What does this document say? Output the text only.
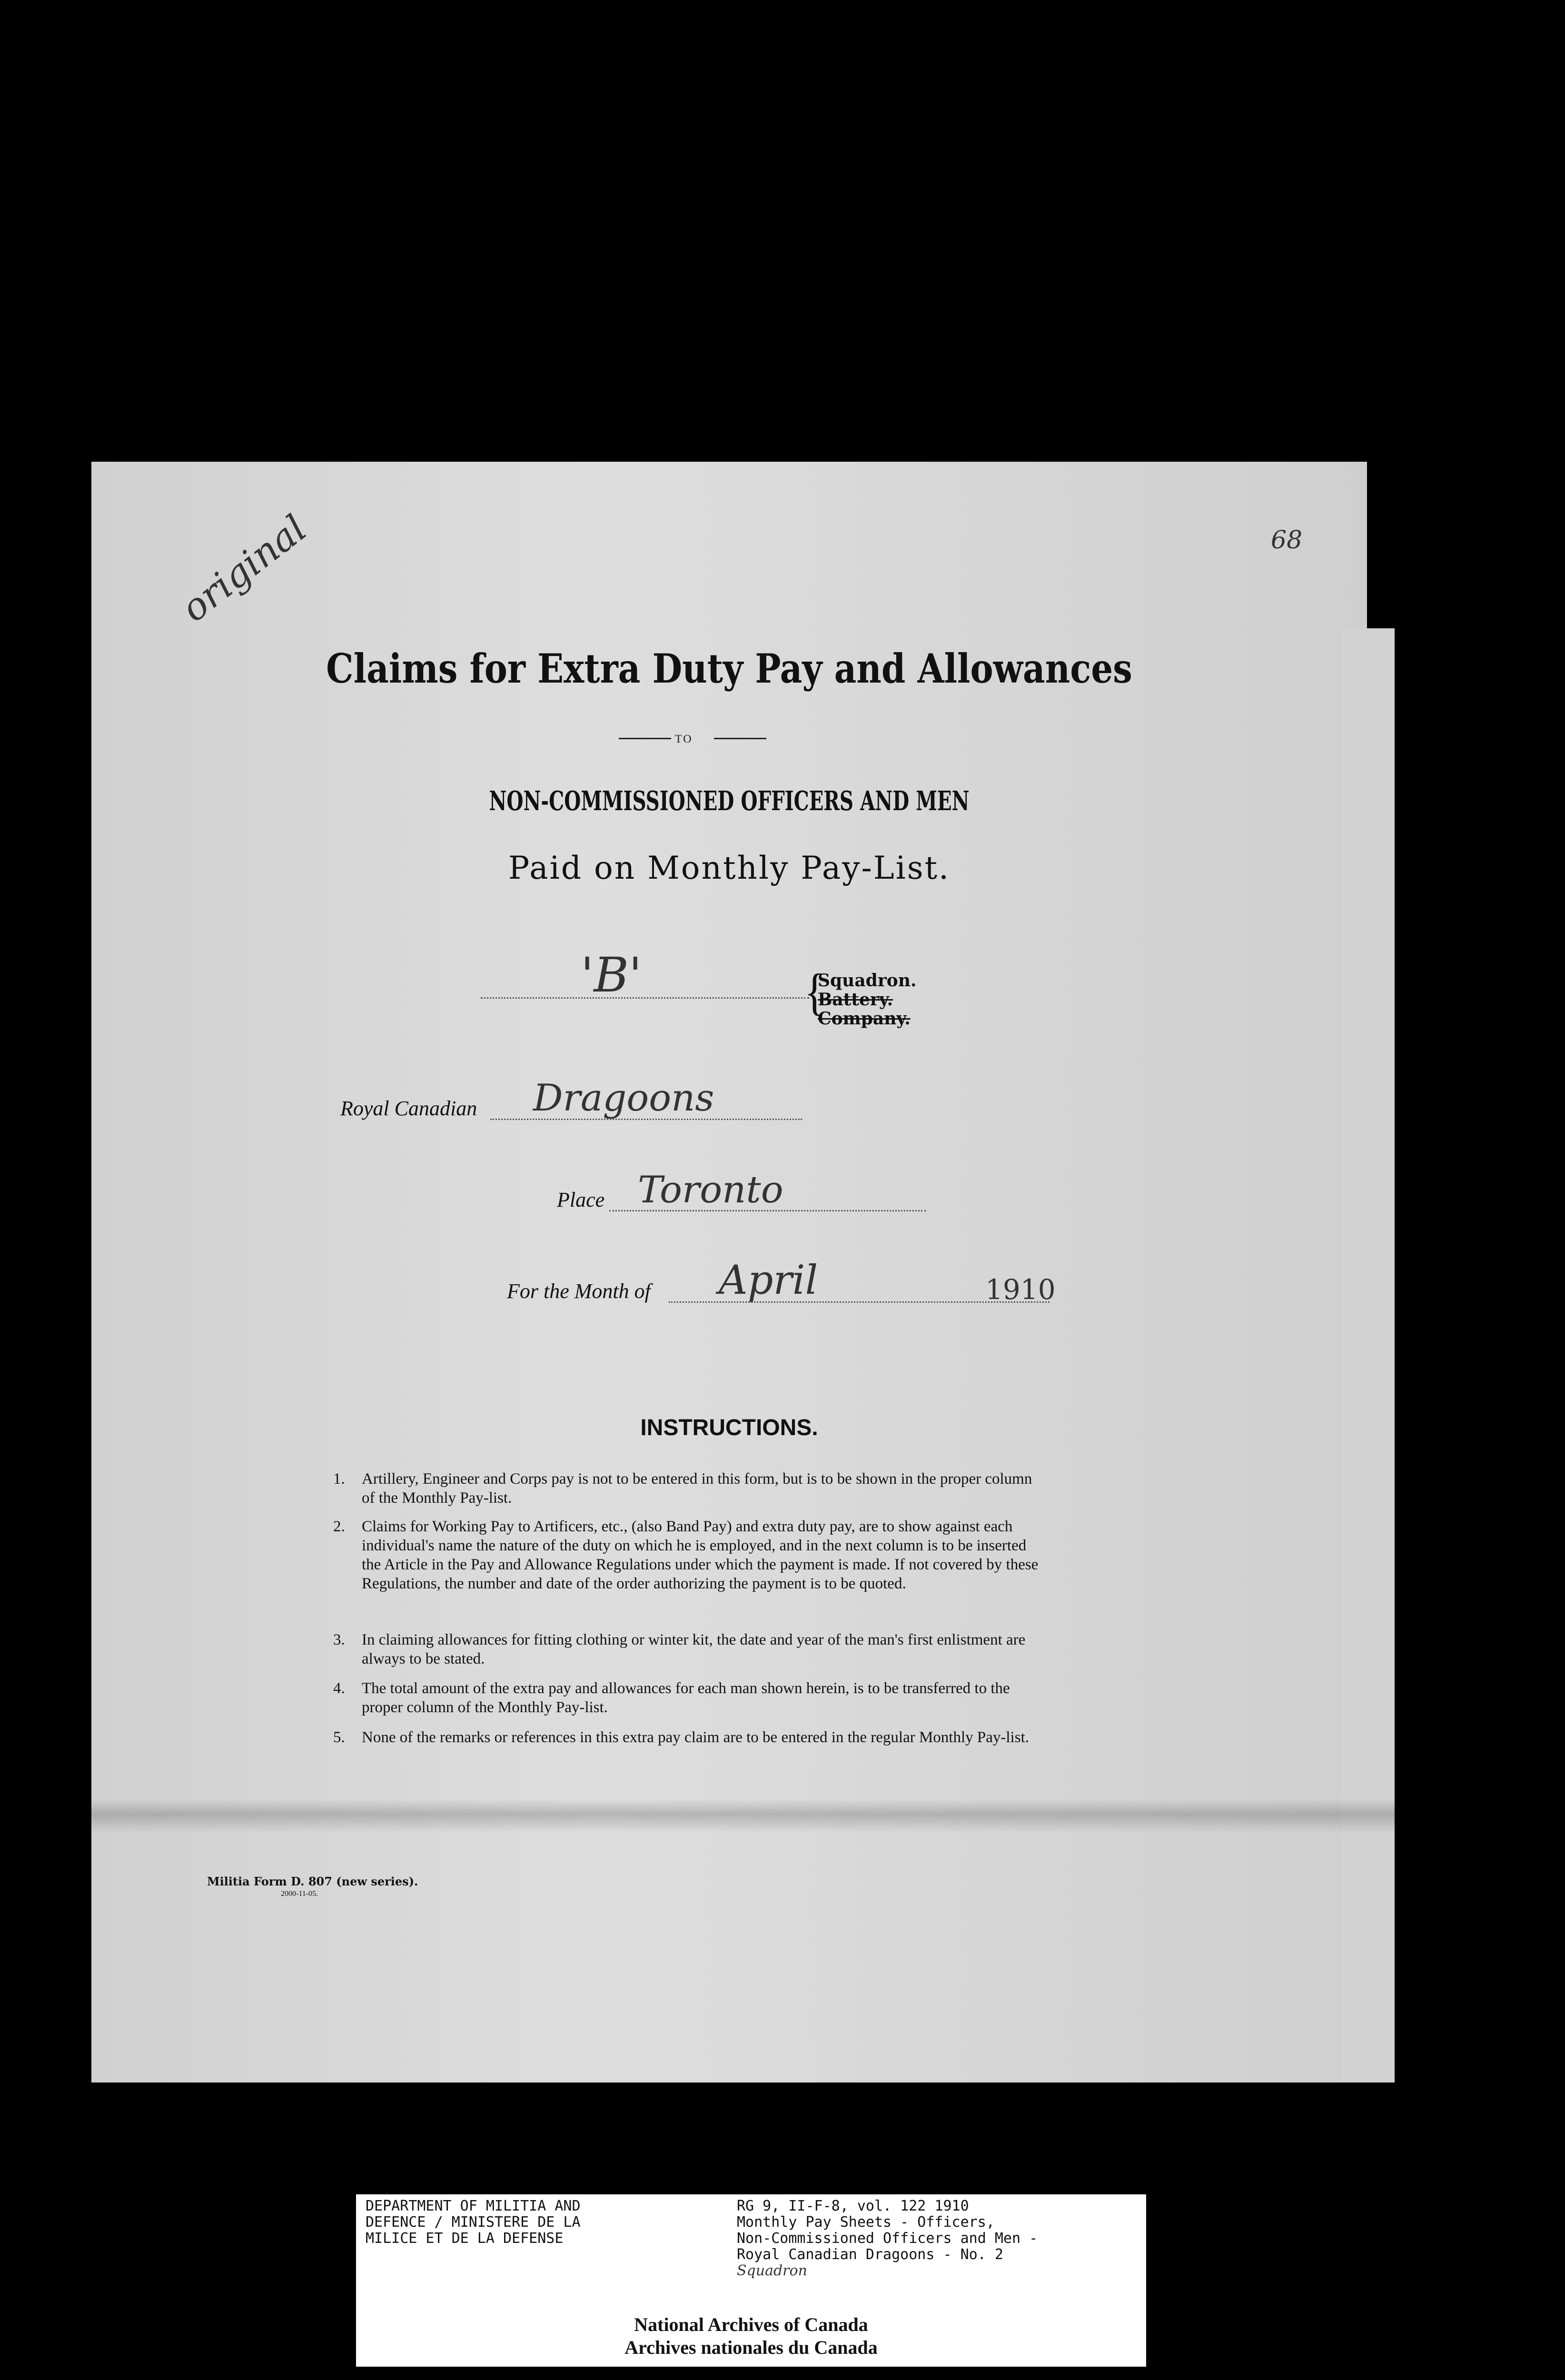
original	68
Claims for Extra Duty Pay and Allowances
TO
NON-COMMISSIONED OFFICERS AND MEN
Paid on Monthly Pay-List.
'B'	{
Squadron.
Battery.
Company.
Royal Canadian Dragoons
Place Toronto
For the Month of April	1910
INSTRUCTIONS.
1. Artillery, Engineer and Corps pay is not to be entered in this form, but is to be shown in the proper column of the Monthly Pay-list.
2. Claims for Working Pay to Artificers, etc., (also Band Pay) and extra duty pay, are to show against each individual's name the nature of the duty on which he is employed, and in the next column is to be inserted the Article in the Pay and Allowance Regulations under which the payment is made. If not covered by these Regulations, the number and date of the order authorizing the payment is to be quoted.
3. In claiming allowances for fitting clothing or winter kit, the date and year of the man's first enlistment are always to be stated.
4. The total amount of the extra pay and allowances for each man shown herein, is to be transferred to the proper column of the Monthly Pay-list.
5. None of the remarks or references in this extra pay claim are to be entered in the regular Monthly Pay-list.
Militia Form D. 807 (new series).
2000-11-05.
DEPARTMENT OF MILITIA AND
DEFENCE / MINISTERE DE LA
MILICE ET DE LA DEFENSE
RG 9, II-F-8, vol. 122 1910
Monthly Pay Sheets - Officers,
Non-Commissioned Officers and Men -
Royal Canadian Dragoons - No. 2
Squadron
National Archives of Canada
Archives nationales du Canada
